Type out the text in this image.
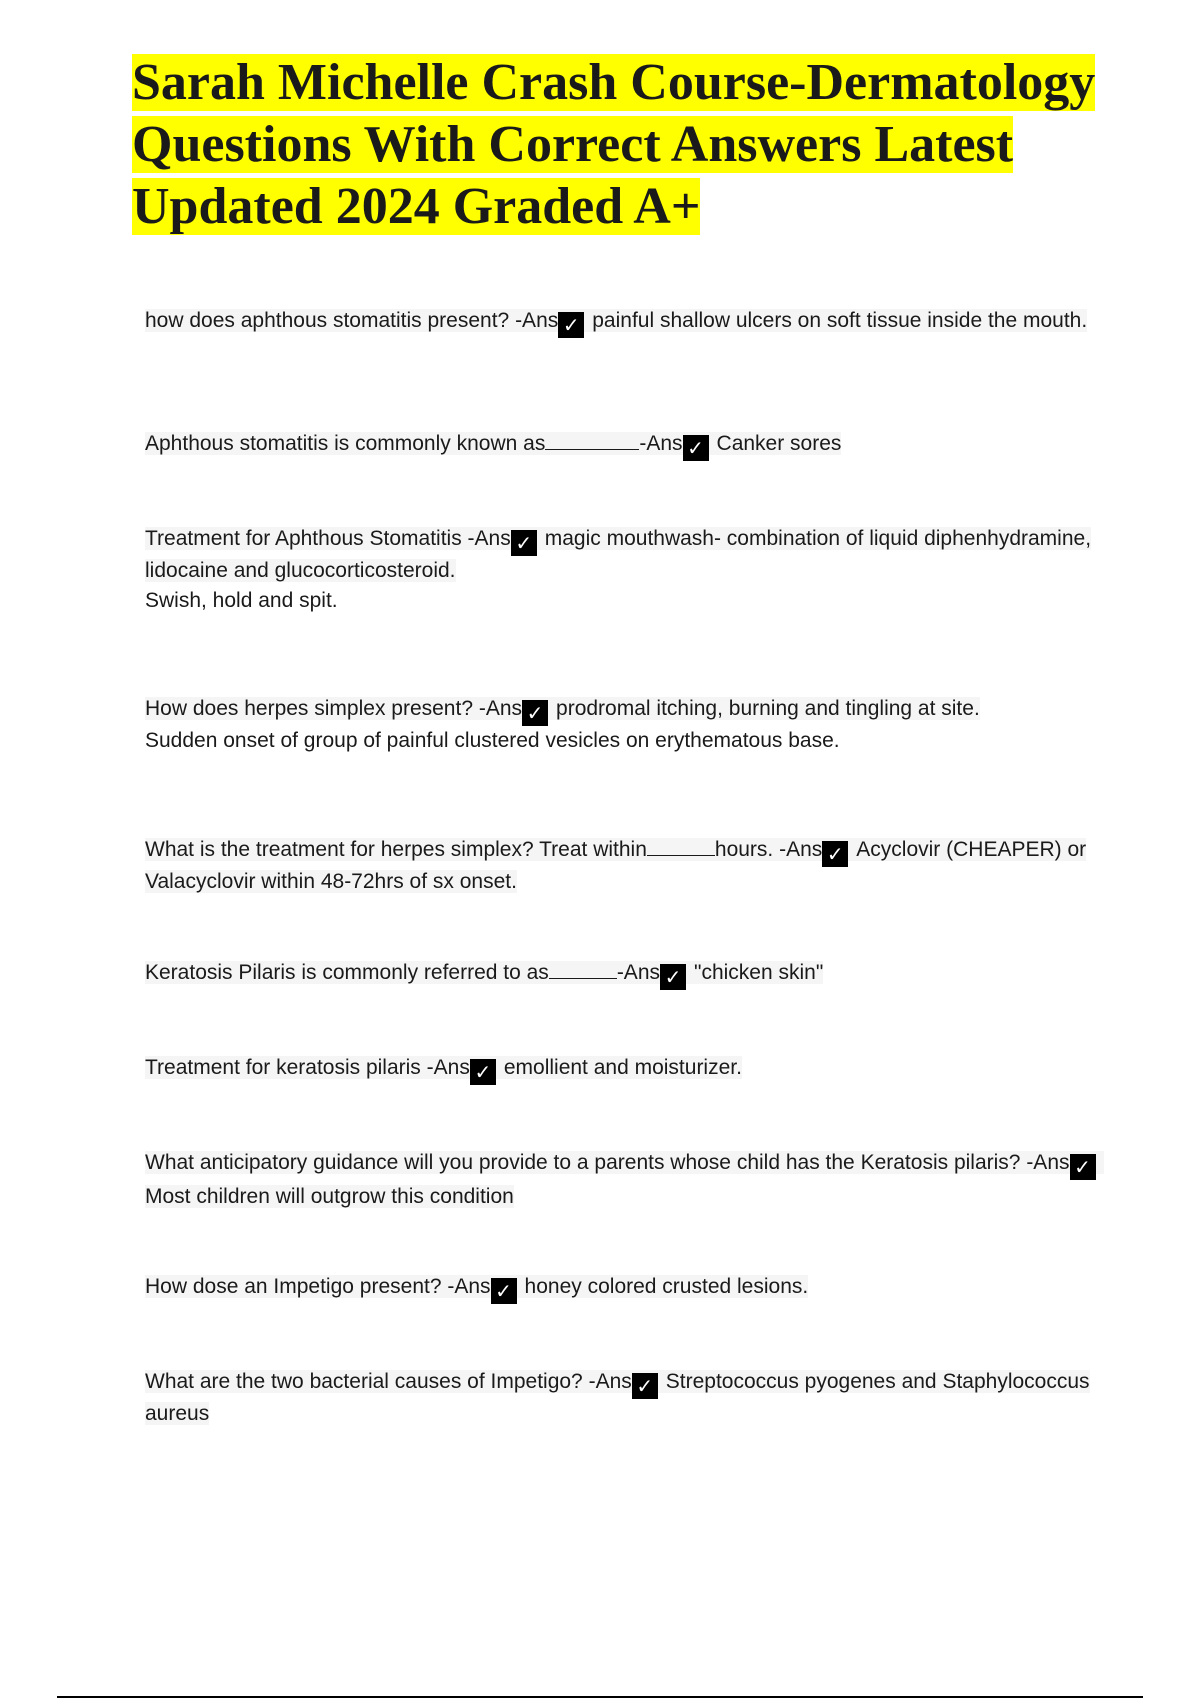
Sarah Michelle Crash Course-Dermatology
Questions With Correct Answers Latest
Updated 2024 Graded A+

how does aphthous stomatitis present? -Ans ✓ painful shallow ulcers on soft tissue inside the mouth.

Aphthous stomatitis is commonly known as	-Ans ✓ Canker sores

Treatment for Aphthous Stomatitis -Ans ✓ magic mouthwash- combination of liquid diphenhydramine, lidocaine and glucocorticosteroid.

Swish, hold and spit.

How does herpes simplex present? -Ans ✓ prodromal itching, burning and tingling at site.

Sudden onset of group of painful clustered vesicles on erythematous base.

What is the treatment for herpes simplex? Treat within	hours. -Ans ✓ Acyclovir (CHEAPER) or Valacyclovir within 48-72hrs of sx onset.

Keratosis Pilaris is commonly referred to as	-Ans ✓ "chicken skin"

Treatment for keratosis pilaris -Ans ✓ emollient and moisturizer.

What anticipatory guidance will you provide to a parents whose child has the Keratosis pilaris? -Ans ✓Most children will outgrow this condition

How dose an Impetigo present? -Ans ✓ honey colored crusted lesions.

What are the two bacterial causes of Impetigo? -Ans ✓ Streptococcus pyogenes and Staphylococcus aureus
